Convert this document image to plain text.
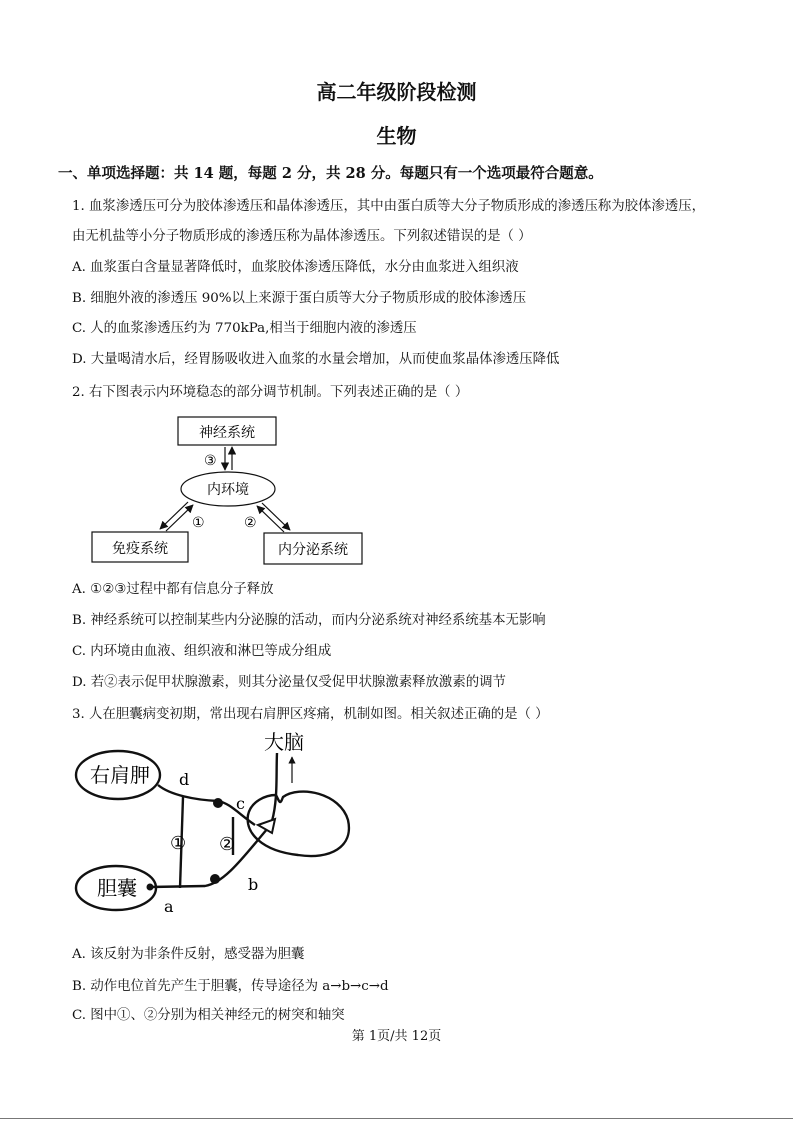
高二年级阶段检测
生物
一、单项选择题：共 14 题，每题 2 分，共 28 分。每题只有一个选项最符合题意。
1. 血浆渗透压可分为胶体渗透压和晶体渗透压，其中由蛋白质等大分子物质形成的渗透压称为胶体渗透压，
由无机盐等小分子物质形成的渗透压称为晶体渗透压。下列叙述错误的是（ ）
A. 血浆蛋白含量显著降低时，血浆胶体渗透压降低，水分由血浆进入组织液
B. 细胞外液的渗透压 90%以上来源于蛋白质等大分子物质形成的胶体渗透压
C. 人的血浆渗透压约为 770kPa,相当于细胞内液的渗透压
D. 大量喝清水后，经胃肠吸收进入血浆的水量会增加，从而使血浆晶体渗透压降低
2. 右下图表示内环境稳态的部分调节机制。下列表述正确的是（ ）
神经系统
内环境
免疫系统	内分泌系统
③
①	②
A. ①②③过程中都有信息分子释放
B. 神经系统可以控制某些内分泌腺的活动，而内分泌系统对神经系统基本无影响
C. 内环境由血液、组织液和淋巴等成分组成
D. 若②表示促甲状腺激素，则其分泌量仅受促甲状腺激素释放激素的调节
3. 人在胆囊病变初期，常出现右肩胛区疼痛，机制如图。相关叙述正确的是（ ）
大脑
右肩胛
胆囊
d
c
b
a
① ②
A. 该反射为非条件反射，感受器为胆囊
B. 动作电位首先产生于胆囊，传导途径为 a→b→c→d
C. 图中①、②分别为相关神经元的树突和轴突
第 1页/共 12页
